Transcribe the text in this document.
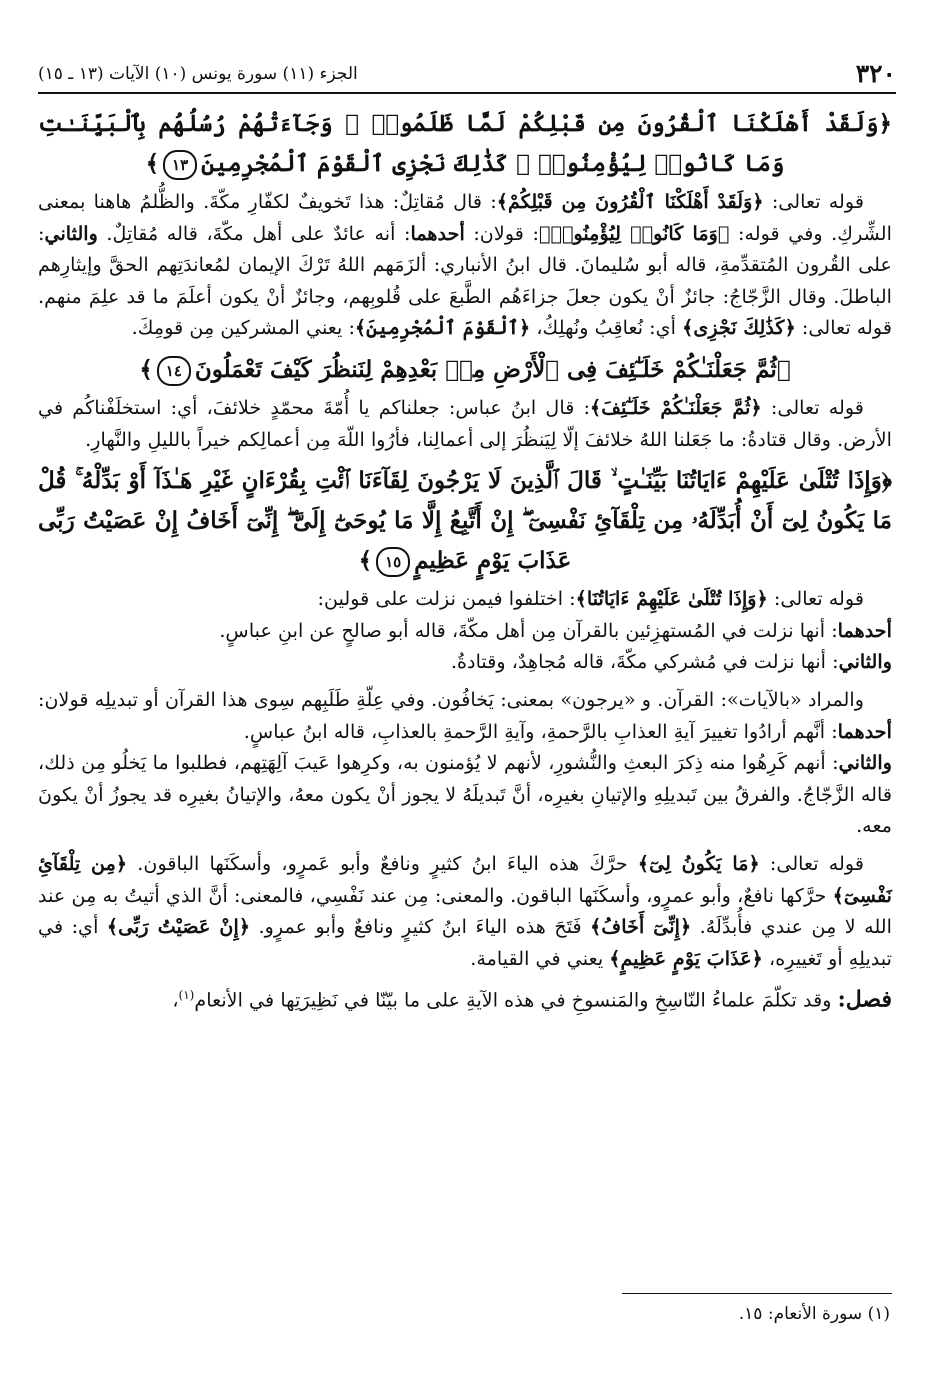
٣٢٠
الجزء (١١) سورة يونس (١٠) الآيات (١٣ ـ ١٥)

﴿وَلَقَدْ أَهْلَكْنَا ٱلْقُرُونَ مِن قَبْلِكُمْ لَمَّا ظَلَمُوا۟ ۙ وَجَآءَتْهُمْ رُسُلُهُم بِٱلْبَيِّنَـٰتِ وَمَا كَانُوا۟ لِيُؤْمِنُوا۟ ۚ كَذَٰلِكَ نَجْزِى ٱلْقَوْمَ ٱلْمُجْرِمِينَ١٣﴾

قوله تعالى: ﴿وَلَقَدْ أَهْلَكْنَا ٱلْقُرُونَ مِن قَبْلِكُمْ﴾: قال مُقاتِلٌ: هذا تَخويفٌ لكفّارِ مكّةَ. والظُّلمُ هاهنا بمعنى الشِّركِ. وفي قوله: ﴿وَمَا كَانُوا۟ لِيُؤْمِنُوا۟﴾: قولان: أحدهما: أنه عائدٌ على أهل مكّةَ، قاله مُقاتِلٌ. والثاني: على القُرون المُتقدِّمةِ، قاله أبو سُليمانَ. قال ابنُ الأنباري: ألزَمَهم اللهُ تَرْكَ الإيمان لمُعاندَتِهم الحقَّ وإيثارِهم الباطلَ. وقال الزَّجّاجُ: جائزٌ أنْ يكون جعلَ جزاءَهُم الطَّبعَ على قُلوبِهم، وجائزٌ أنْ يكون أعلَمَ ما قد علِمَ منهم. قوله تعالى: ﴿كَذَٰلِكَ نَجْزِى﴾ أي: نُعاقِبُ ونُهلِكُ، ﴿ٱلْقَوْمَ ٱلْمُجْرِمِينَ﴾: يعني المشركين مِن قومِكَ.

﴿ثُمَّ جَعَلْنَـٰكُمْ خَلَـٰٓئِفَ فِى ٱلْأَرْضِ مِنۢ بَعْدِهِمْ لِنَنظُرَ كَيْفَ تَعْمَلُونَ١٤﴾

قوله تعالى: ﴿ثُمَّ جَعَلْنَـٰكُمْ خَلَـٰٓئِفَ﴾: قال ابنُ عباس: جعلناكم يا أُمّةَ محمّدٍ خلائفَ، أي: استخلَفْناكُم في الأرض. وقال قتادةُ: ما جَعَلنا اللهُ خلائفَ إلّا لِيَنظُرَ إلى أعمالِنا، فأرُوا اللّهَ مِن أعمالِكم خيراً بالليلِ والنَّهارِ.

﴿وَإِذَا تُتْلَىٰ عَلَيْهِمْ ءَايَاتُنَا بَيِّنَـٰتٍ ۙ قَالَ ٱلَّذِينَ لَا يَرْجُونَ لِقَآءَنَا ٱئْتِ بِقُرْءَانٍ غَيْرِ هَـٰذَآ أَوْ بَدِّلْهُ ۚ قُلْ مَا يَكُونُ لِىٓ أَنْ أُبَدِّلَهُۥ مِن تِلْقَآئِ نَفْسِىٓ ۖ إِنْ أَتَّبِعُ إِلَّا مَا يُوحَىٰٓ إِلَىَّ ۖ إِنِّىٓ أَخَافُ إِنْ عَصَيْتُ رَبِّى عَذَابَ يَوْمٍ عَظِيمٍ١٥﴾

قوله تعالى: ﴿وَإِذَا تُتْلَىٰ عَلَيْهِمْ ءَايَاتُنَا﴾: اختلفوا فيمن نزلت على قولين:

أحدهما: أنها نزلت في المُستهزِئين بالقرآن مِن أهل مكّةَ، قاله أبو صالحٍ عن ابنِ عباسٍ.

والثاني: أنها نزلت في مُشركي مكّةَ، قاله مُجاهِدٌ، وقتادةُ.

والمراد «بالآيات»: القرآن. و «يرجون» بمعنى: يَخافُون. وفي عِلّةِ طَلَبِهم سِوى هذا القرآن أو تبديلِه قولان: أحدهما: أنَّهم أرادُوا تغييرَ آيةِ العذابِ بالرَّحمةِ، وآيةِ الرَّحمةِ بالعذابِ، قاله ابنُ عباسٍ.

والثاني: أنهم كَرِهُوا منه ذِكرَ البعثِ والنُّشورِ، لأنهم لا يُؤمنون به، وكرِهوا عَيبَ آلِهَتِهم، فطلبوا ما يَخلُو مِن ذلك، قاله الزَّجّاجُ. والفرقُ بين تَبديلِهِ والإتيانِ بغيرِه، أنَّ تَبديلَهُ لا يجوز أنْ يكون معهُ، والإتيانُ بغيرِه قد يجوزُ أنْ يكونَ معه.

قوله تعالى: ﴿مَا يَكُونُ لِىٓ﴾ حرَّكَ هذه الياءَ ابنُ كثيرٍ ونافعٌ وأبو عَمرٍو، وأسكَنَها الباقون. ﴿مِن تِلْقَآئِ نَفْسِىٓ﴾ حرَّكها نافعٌ، وأبو عمرٍو، وأسكَنَها الباقون. والمعنى: مِن عند نَفْسِي، فالمعنى: أنَّ الذي أتيتُ به مِن عند الله لا مِن عندي فأُبدِّلَهُ. ﴿إِنِّىٓ أَخَافُ﴾ فَتَحَ هذه الياءَ ابنُ كثيرٍ ونافعٌ وأبو عمرٍو. ﴿إِنْ عَصَيْتُ رَبِّى﴾ أي: في تبديلِهِ أو تَغييرِه، ﴿عَذَابَ يَوْمٍ عَظِيمٍ﴾ يعني في القيامة.

فصل: وقد تكلّمَ علماءُ النّاسِخِ والمَنسوخِ في هذه الآيةِ على ما بيّنّا في نَظِيرَتِها في الأنعام$^{(١)}$،

(١) سورة الأنعام: ١٥.
